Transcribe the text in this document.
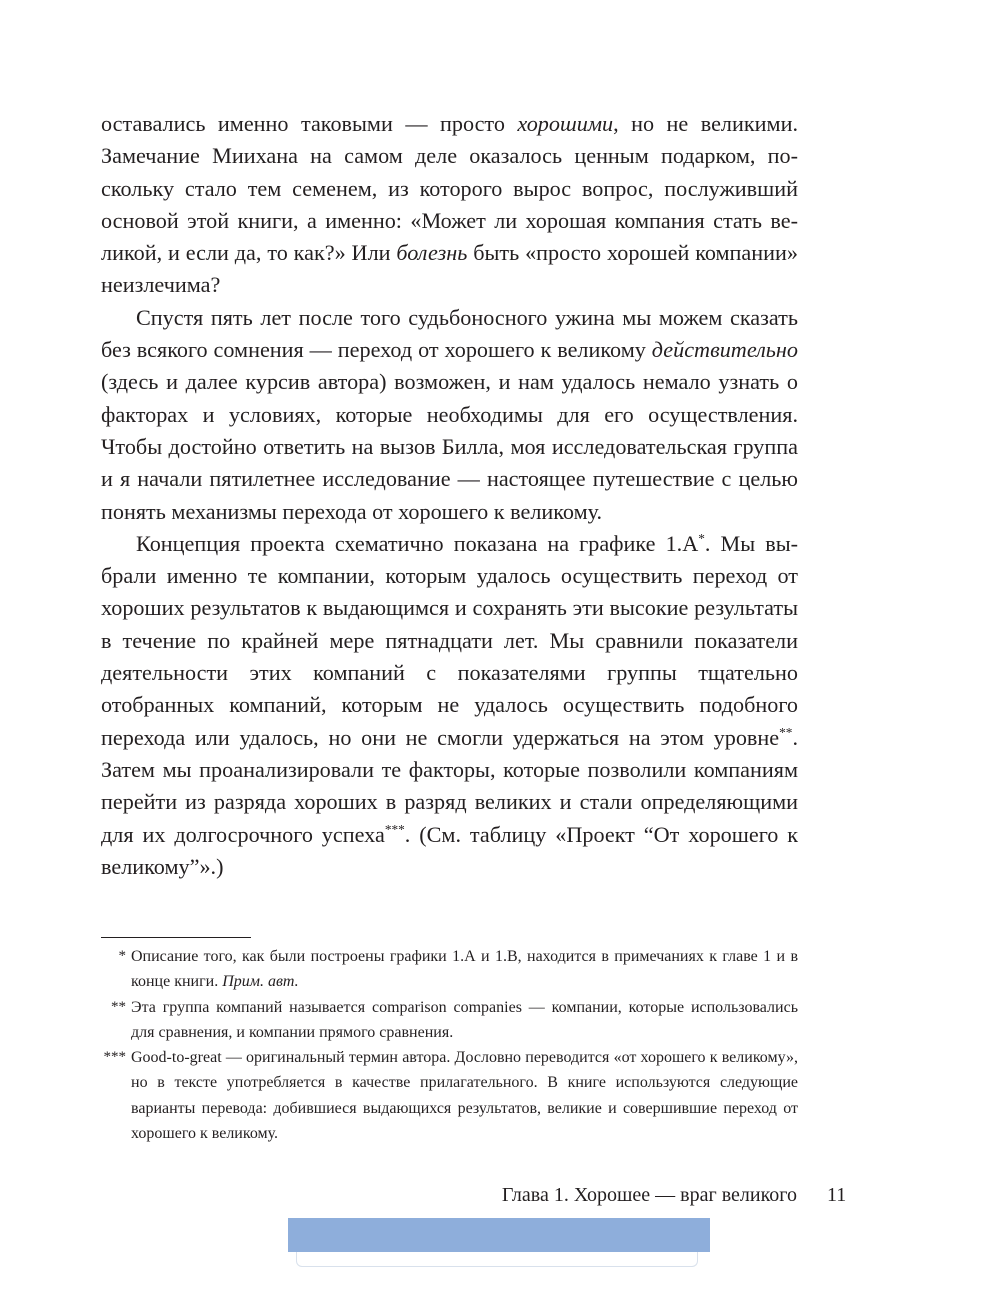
оставались именно таковыми — просто хорошими, но не великими. Замечание Миихана на самом деле оказалось ценным подарком, поскольку стало тем семенем, из которого вырос вопрос, послуживший основой этой книги, а именно: «Может ли хорошая компания стать великой, и если да, то как?» Или болезнь быть «просто хорошей компании» неизлечима?

Спустя пять лет после того судьбоносного ужина мы можем сказать без всякого сомнения — переход от хорошего к великому действительно (здесь и далее курсив автора) возможен, и нам удалось немало узнать о факторах и условиях, которые необходимы для его осуществления. Чтобы достойно ответить на вызов Билла, моя исследовательская группа и я начали пятилетнее исследование — настоящее путешествие с целью понять механизмы перехода от хорошего к великому.

Концепция проекта схематично показана на графике 1.А*. Мы выбрали именно те компании, которым удалось осуществить переход от хороших результатов к выдающимся и сохранять эти высокие результаты в течение по крайней мере пятнадцати лет. Мы сравнили показатели деятельности этих компаний с показателями группы тщательно отобранных компаний, которым не удалось осуществить подобного перехода или удалось, но они не смогли удержаться на этом уровне**. Затем мы проанализировали те факторы, которые позволили компаниям перейти из разряда хороших в разряд великих и стали определяющими для их долгосрочного успеха***. (См. таблицу «Проект “От хорошего к великому”».)

* Описание того, как были построены графики 1.А и 1.В, находится в примечаниях к главе 1 и в конце книги. Прим. авт.
** Эта группа компаний называется comparison companies — компании, которые использовались для сравнения, и компании прямого сравнения.
*** Good-to-great — оригинальный термин автора. Дословно переводится «от хорошего к великому», но в тексте употребляется в качестве прилагательного. В книге используются следующие варианты перевода: добившиеся выдающихся результатов, великие и совершившие переход от хорошего к великому.
Глава 1. Хорошее — враг великого 11
